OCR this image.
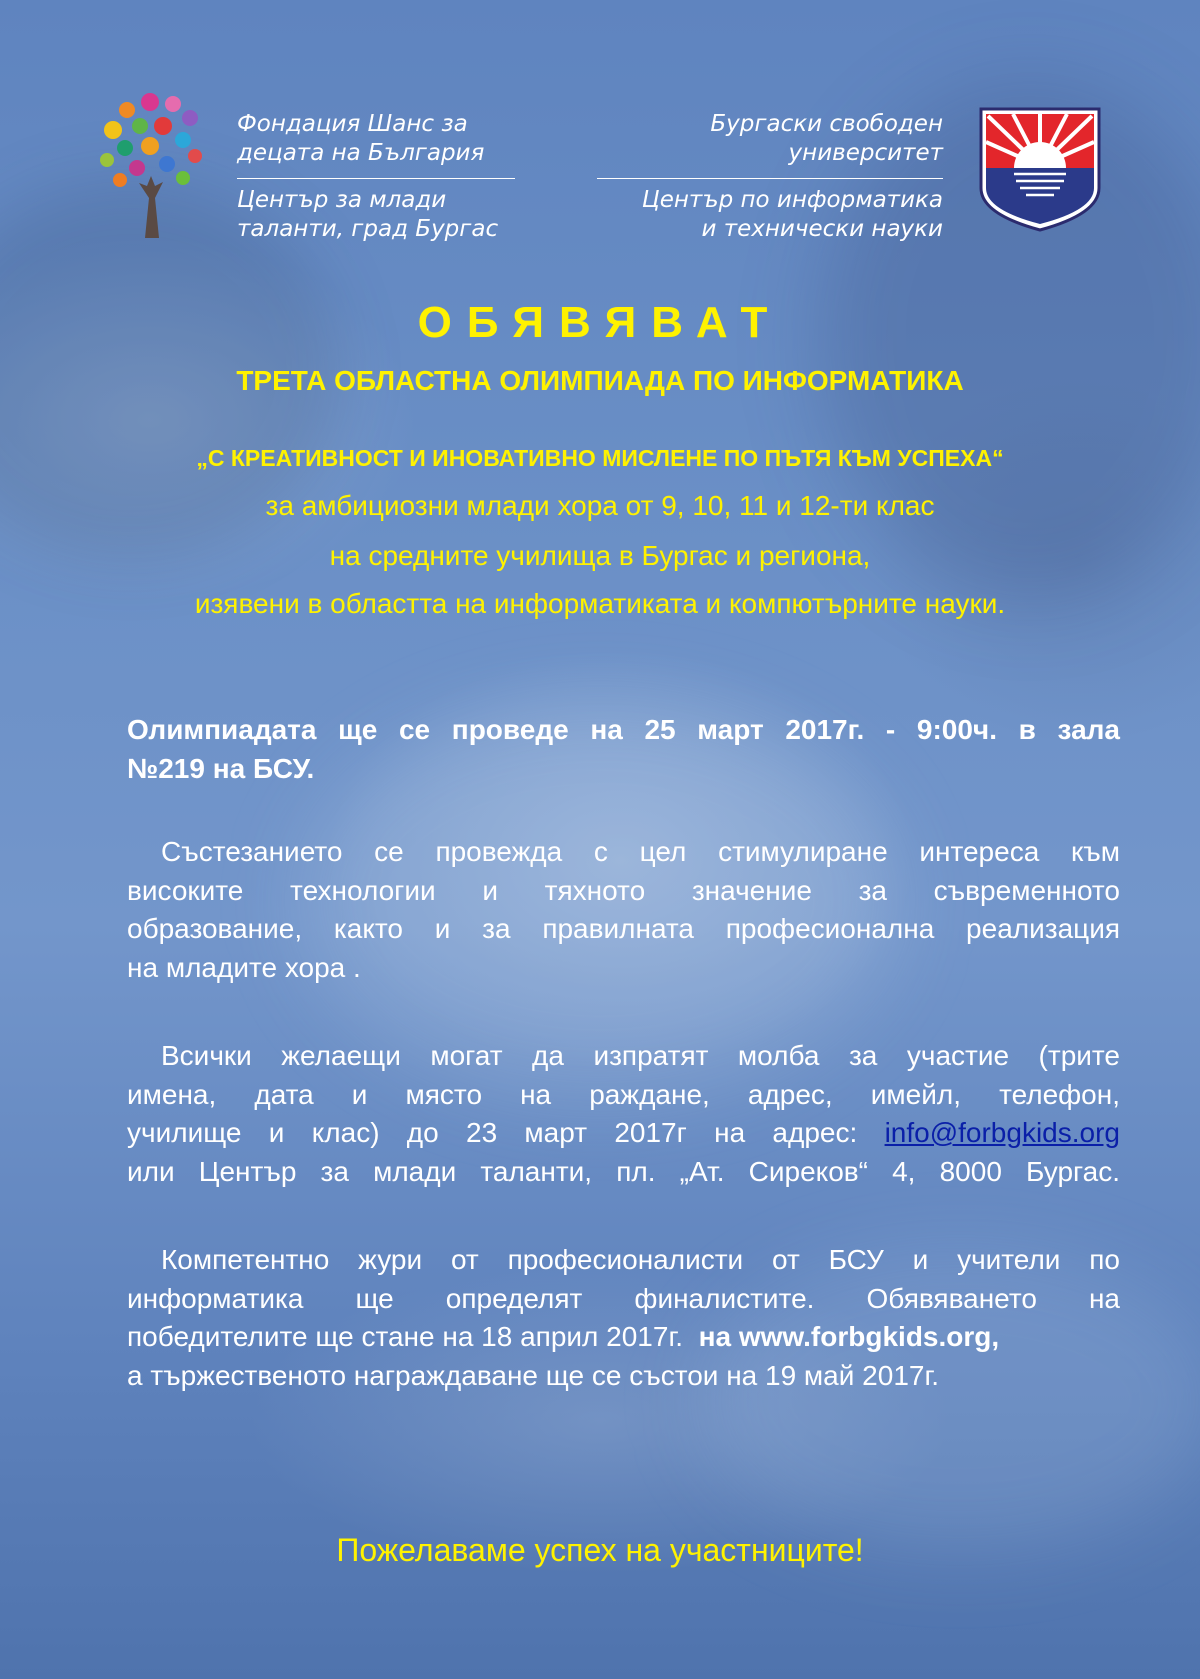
Фондация Шанс за
децата на България
Център за млади
таланти, град Бургас
Бургаски свободен
университет
Център по информатика
и технически науки
ОБЯВЯВАТ
ТРЕТА ОБЛАСТНА ОЛИМПИАДА ПО ИНФОРМАТИКА
„С КРЕАТИВНОСТ И ИНОВАТИВНО МИСЛЕНЕ ПО ПЪТЯ КЪМ УСПЕХА“
за амбициозни млади хора от 9, 10, 11 и 12-ти клас
на средните училища в Бургас и региона,
изявени в областта на информатиката и компютърните науки.
Олимпиадата ще се проведе на 25 март 2017г. - 9:00ч. в зала
№219 на БСУ.
Състезанието се провежда с цел стимулиране интереса към
високите технологии и тяхното значение за съвременното
образование, както и за правилната професионална реализация
на младите хора .
Всички желаещи могат да изпратят молба за участие (трите
имена, дата и място на раждане, адрес, имейл, телефон,
училище и клас) до 23 март 2017г на адрес: info@forbgkids.org
или Център за млади таланти, пл. „Ат. Сиреков“ 4, 8000 Бургас.
Компетентно жури от професионалисти от БСУ и учители по
информатика ще определят финалистите. Обявяването на
победителите ще стане на 18 април 2017г. на www.forbgkids.org,
а тържественото награждаване ще се състои на 19 май 2017г.
Пожелаваме успех на участниците!
